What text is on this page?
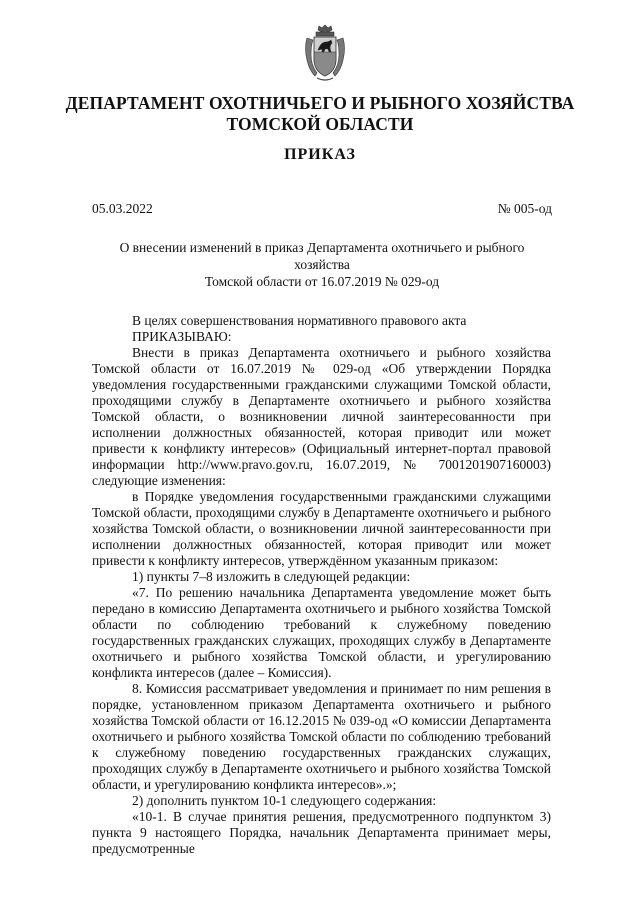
ДЕПАРТАМЕНТ ОХОТНИЧЬЕГО И РЫБНОГО ХОЗЯЙСТВА
ТОМСКОЙ ОБЛАСТИ
ПРИКАЗ
05.03.2022	№ 005-од
О внесении изменений в приказ Департамента охотничьего и рыбного хозяйства
Томской области от 16.07.2019 № 029-од

В целях совершенствования нормативного правового акта

ПРИКАЗЫВАЮ:

Внести в приказ Департамента охотничьего и рыбного хозяйства Томской области от 16.07.2019 № 029-од «Об утверждении Порядка уведомления государственными гражданскими служащими Томской области, проходящими службу в Департаменте охотничьего и рыбного хозяйства Томской области, о возникновении личной заинтересованности при исполнении должностных обязанностей, которая приводит или может привести к конфликту интересов» (Официальный интернет-портал правовой информации http://www.pravo.gov.ru, 16.07.2019, № 7001201907160003) следующие изменения:

в Порядке уведомления государственными гражданскими служащими Томской области, проходящими службу в Департаменте охотничьего и рыбного хозяйства Томской области, о возникновении личной заинтересованности при исполнении должностных обязанностей, которая приводит или может привести к конфликту интересов, утверждённом указанным приказом:

1) пункты 7–8 изложить в следующей редакции:

«7. По решению начальника Департамента уведомление может быть передано в комиссию Департамента охотничьего и рыбного хозяйства Томской области по соблюдению требований к служебному поведению государственных гражданских служащих, проходящих службу в Департаменте охотничьего и рыбного хозяйства Томской области, и урегулированию конфликта интересов (далее – Комиссия).

8. Комиссия рассматривает уведомления и принимает по ним решения в порядке, установленном приказом Департамента охотничьего и рыбного хозяйства Томской области от 16.12.2015 № 039-од «О комиссии Департамента охотничьего и рыбного хозяйства Томской области по соблюдению требований к служебному поведению государственных гражданских служащих, проходящих службу в Департаменте охотничьего и рыбного хозяйства Томской области, и урегулированию конфликта интересов».»;

2) дополнить пунктом 10-1 следующего содержания:

«10-1. В случае принятия решения, предусмотренного подпунктом 3) пункта 9 настоящего Порядка, начальник Департамента принимает меры, предусмотренные
